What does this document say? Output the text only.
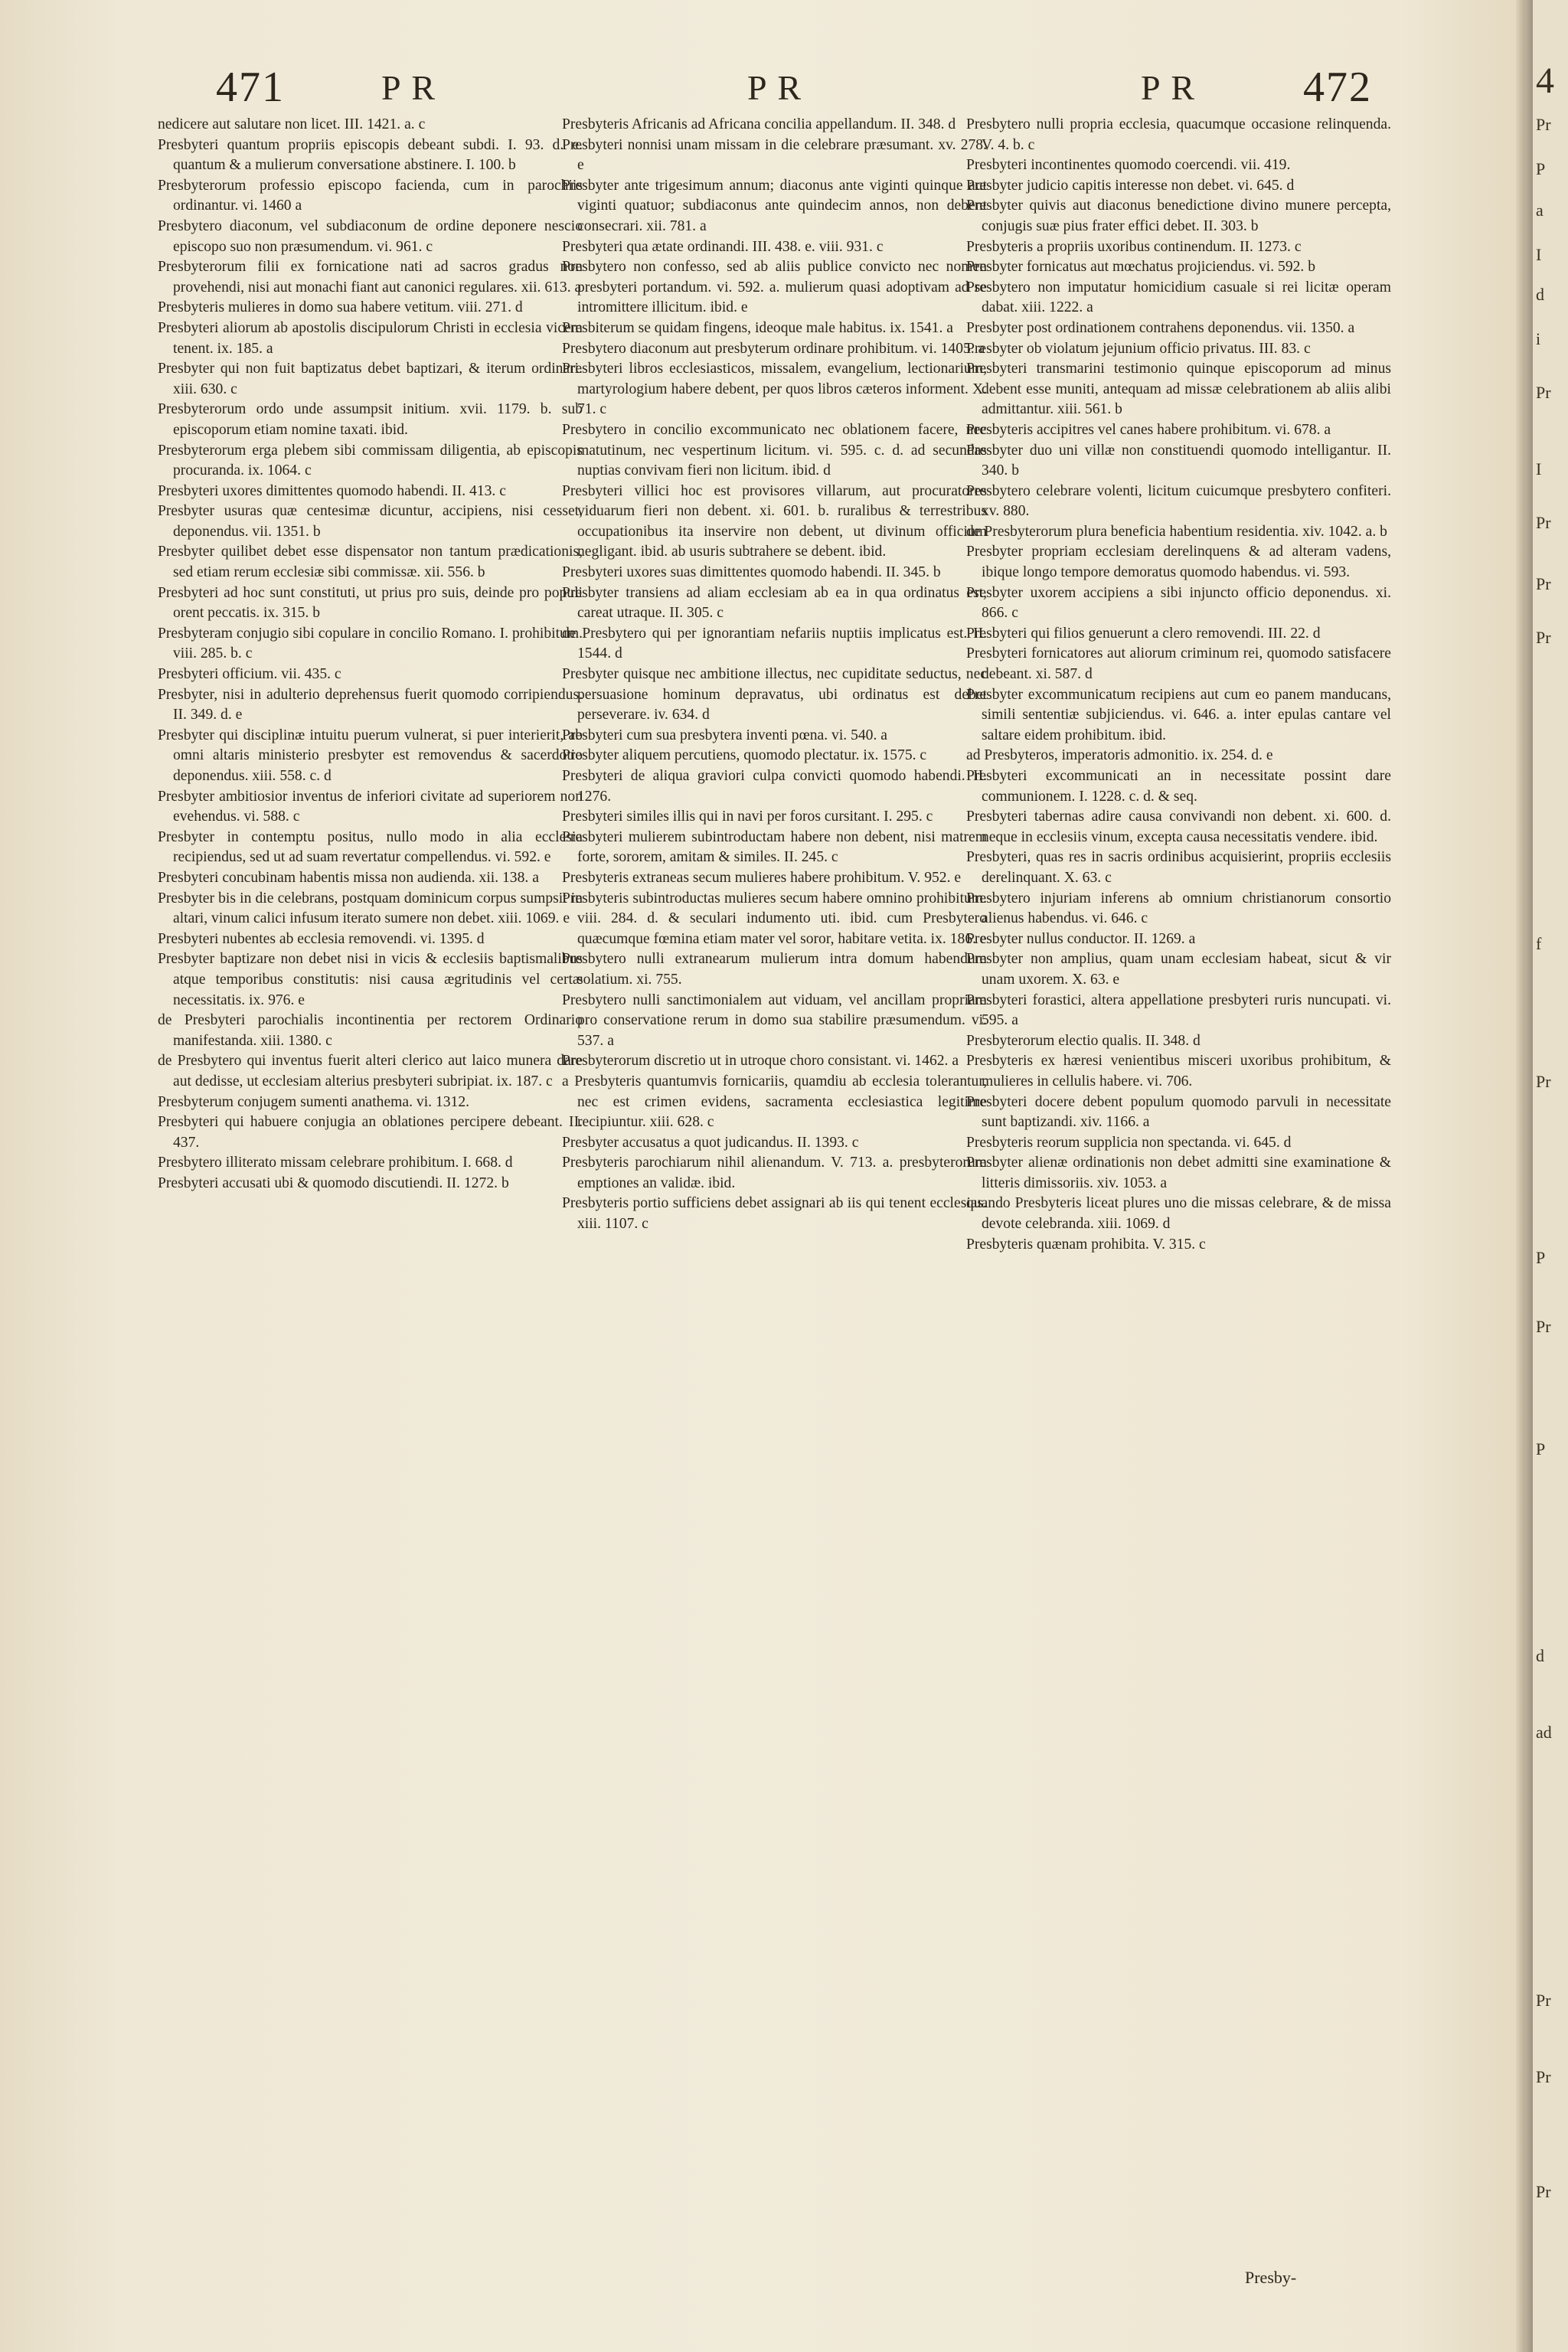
471	P R	P R	P R 472

nedicere aut salutare non licet. III. 1421. a. c

Presbyteri quantum propriis episcopis debeant subdi. I. 93. d. e. quantum & a mulierum conversatione abstinere. I. 100. b

Presbyterorum professio episcopo facienda, cum in parochiis ordinantur. vi. 1460 a

Presbytero diaconum, vel subdiaconum de ordine deponere nescio episcopo suo non præsumendum. vi. 961. c

Presbyterorum filii ex fornicatione nati ad sacros gradus non provehendi, nisi aut monachi fiant aut canonici regulares. xii. 613. a

Presbyteris mulieres in domo sua habere vetitum. viii. 271. d

Presbyteri aliorum ab apostolis discipulorum Christi in ecclesia vicem tenent. ix. 185. a

Presbyter qui non fuit baptizatus debet baptizari, & iterum ordinari. xiii. 630. c

Presbyterorum ordo unde assumpsit initium. xvii. 1179. b. sub episcoporum etiam nomine taxati. ibid.

Presbyterorum erga plebem sibi commissam diligentia, ab episcopis procuranda. ix. 1064. c

Presbyteri uxores dimittentes quomodo habendi. II. 413. c

Presbyter usuras quæ centesimæ dicuntur, accipiens, nisi cesset, deponendus. vii. 1351. b

Presbyter quilibet debet esse dispensator non tantum prædicationis, sed etiam rerum ecclesiæ sibi commissæ. xii. 556. b

Presbyteri ad hoc sunt constituti, ut prius pro suis, deinde pro populi orent peccatis. ix. 315. b

Presbyteram conjugio sibi copulare in concilio Romano. I. prohibitum. viii. 285. b. c

Presbyteri officium. vii. 435. c

Presbyter, nisi in adulterio deprehensus fuerit quomodo corripiendus. II. 349. d. e

Presbyter qui disciplinæ intuitu puerum vulnerat, si puer interierit, ab omni altaris ministerio presbyter est removendus & sacerdotio deponendus. xiii. 558. c. d

Presbyter ambitiosior inventus de inferiori civitate ad superiorem non evehendus. vi. 588. c

Presbyter in contemptu positus, nullo modo in alia ecclesia recipiendus, sed ut ad suam revertatur compellendus. vi. 592. e

Presbyteri concubinam habentis missa non audienda. xii. 138. a

Presbyter bis in die celebrans, postquam dominicum corpus sumpsit in altari, vinum calici infusum iterato sumere non debet. xiii. 1069. e

Presbyteri nubentes ab ecclesia removendi. vi. 1395. d

Presbyter baptizare non debet nisi in vicis & ecclesiis baptismalibus atque temporibus constitutis: nisi causa ægritudinis vel certæ necessitatis. ix. 976. e

de Presbyteri parochialis incontinentia per rectorem Ordinario manifestanda. xiii. 1380. c

de Presbytero qui inventus fuerit alteri clerico aut laico munera dare aut dedisse, ut ecclesiam alterius presbyteri subripiat. ix. 187. c

Presbyterum conjugem sumenti anathema. vi. 1312.

Presbyteri qui habuere conjugia an oblationes percipere debeant. II. 437.

Presbytero illiterato missam celebrare prohibitum. I. 668. d

Presbyteri accusati ubi & quomodo discutiendi. II. 1272. b

Presbyteris Africanis ad Africana concilia appellandum. II. 348. d

Presbyteri nonnisi unam missam in die celebrare præsumant. xv. 278. e

Presbyter ante trigesimum annum; diaconus ante viginti quinque aut viginti quatuor; subdiaconus ante quindecim annos, non debent consecrari. xii. 781. a

Presbyteri qua ætate ordinandi. III. 438. e. viii. 931. c

Presbytero non confesso, sed ab aliis publice convicto nec nomen presbyteri portandum. vi. 592. a. mulierum quasi adoptivam ad se intromittere illicitum. ibid. e

Presbiterum se quidam fingens, ideoque male habitus. ix. 1541. a

Presbytero diaconum aut presbyterum ordinare prohibitum. vi. 1405. a

Presbyteri libros ecclesiasticos, missalem, evangelium, lectionarium, martyrologium habere debent, per quos libros cæteros informent. X. 71. c

Presbytero in concilio excommunicato nec oblationem facere, nec matutinum, nec vespertinum licitum. vi. 595. c. d. ad secundas nuptias convivam fieri non licitum. ibid. d

Presbyteri villici hoc est provisores villarum, aut procuratores viduarum fieri non debent. xi. 601. b. ruralibus & terrestribus occupationibus ita inservire non debent, ut divinum officium negligant. ibid. ab usuris subtrahere se debent. ibid.

Presbyteri uxores suas dimittentes quomodo habendi. II. 345. b

Presbyter transiens ad aliam ecclesiam ab ea in qua ordinatus est, careat utraque. II. 305. c

de Presbytero qui per ignorantiam nefariis nuptiis implicatus est. II. 1544. d

Presbyter quisque nec ambitione illectus, nec cupiditate seductus, nec persuasione hominum depravatus, ubi ordinatus est debet perseverare. iv. 634. d

Presbyteri cum sua presbytera inventi pœna. vi. 540. a

Presbyter aliquem percutiens, quomodo plectatur. ix. 1575. c

Presbyteri de aliqua graviori culpa convicti quomodo habendi. II. 1276.

Presbyteri similes illis qui in navi per foros cursitant. I. 295. c

Presbyteri mulierem subintroductam habere non debent, nisi matrem forte, sororem, amitam & similes. II. 245. c

Presbyteris extraneas secum mulieres habere prohibitum. V. 952. e

Presbyteris subintroductas mulieres secum habere omnino prohibitum. viii. 284. d. & seculari indumento uti. ibid. cum Presbytero quæcumque fœmina etiam mater vel soror, habitare vetita. ix. 186. e

Presbytero nulli extranearum mulierum intra domum habendum solatium. xi. 755.

Presbytero nulli sanctimonialem aut viduam, vel ancillam propriam pro conservatione rerum in domo sua stabilire præsumendum. vi. 537. a

Presbyterorum discretio ut in utroque choro consistant. vi. 1462. a

a Presbyteris quantumvis fornicariis, quamdiu ab ecclesia tolerantur, nec est crimen evidens, sacramenta ecclesiastica legitime recipiuntur. xiii. 628. c

Presbyter accusatus a quot judicandus. II. 1393. c

Presbyteris parochiarum nihil alienandum. V. 713. a. presbyterorum emptiones an validæ. ibid.

Presbyteris portio sufficiens debet assignari ab iis qui tenent ecclesias. xiii. 1107. c

Presbytero nulli propria ecclesia, quacumque occasione relinquenda. V. 4. b. c

Presbyteri incontinentes quomodo coercendi. vii. 419.

Presbyter judicio capitis interesse non debet. vi. 645. d

Presbyter quivis aut diaconus benedictione divino munere percepta, conjugis suæ pius frater effici debet. II. 303. b

Presbyteris a propriis uxoribus continendum. II. 1273. c

Presbyter fornicatus aut mœchatus projiciendus. vi. 592. b

Presbytero non imputatur homicidium casuale si rei licitæ operam dabat. xiii. 1222. a

Presbyter post ordinationem contrahens deponendus. vii. 1350. a

Presbyter ob violatum jejunium officio privatus. III. 83. c

Presbyteri transmarini testimonio quinque episcoporum ad minus debent esse muniti, antequam ad missæ celebrationem ab aliis alibi admittantur. xiii. 561. b

Presbyteris accipitres vel canes habere prohibitum. vi. 678. a

Presbyter duo uni villæ non constituendi quomodo intelligantur. II. 340. b

Presbytero celebrare volenti, licitum cuicumque presbytero confiteri. xv. 880.

de Presbyterorum plura beneficia habentium residentia. xiv. 1042. a. b

Presbyter propriam ecclesiam derelinquens & ad alteram vadens, ibique longo tempore demoratus quomodo habendus. vi. 593.

Presbyter uxorem accipiens a sibi injuncto officio deponendus. xi. 866. c

Presbyteri qui filios genuerunt a clero removendi. III. 22. d

Presbyteri fornicatores aut aliorum criminum rei, quomodo satisfacere debeant. xi. 587. d

Presbyter excommunicatum recipiens aut cum eo panem manducans, simili sententiæ subjiciendus. vi. 646. a. inter epulas cantare vel saltare eidem prohibitum. ibid.

ad Presbyteros, imperatoris admonitio. ix. 254. d. e

Presbyteri excommunicati an in necessitate possint dare communionem. I. 1228. c. d. & seq.

Presbyteri tabernas adire causa convivandi non debent. xi. 600. d. neque in ecclesiis vinum, excepta causa necessitatis vendere. ibid.

Presbyteri, quas res in sacris ordinibus acquisierint, propriis ecclesiis derelinquant. X. 63. c

Presbytero injuriam inferens ab omnium christianorum consortio alienus habendus. vi. 646. c

Presbyter nullus conductor. II. 1269. a

Presbyter non amplius, quam unam ecclesiam habeat, sicut & vir unam uxorem. X. 63. e

Presbyteri forastici, altera appellatione presbyteri ruris nuncupati. vi. 595. a

Presbyterorum electio qualis. II. 348. d

Presbyteris ex hæresi venientibus misceri uxoribus prohibitum, & mulieres in cellulis habere. vi. 706.

Presbyteri docere debent populum quomodo parvuli in necessitate sunt baptizandi. xiv. 1166. a

Presbyteris reorum supplicia non spectanda. vi. 645. d

Presbyter alienæ ordinationis non debet admitti sine examinatione & litteris dimissoriis. xiv. 1053. a

quando Presbyteris liceat plures uno die missas celebrare, & de missa devote celebranda. xiii. 1069. d

Presbyteris quænam prohibita. V. 315. c

Presby-
4
Pr
P
a
I
d
i
Pr
I
Pr
Pr
Pr
f
Pr
P
Pr
P
d
ad
Pr
Pr
Pr
